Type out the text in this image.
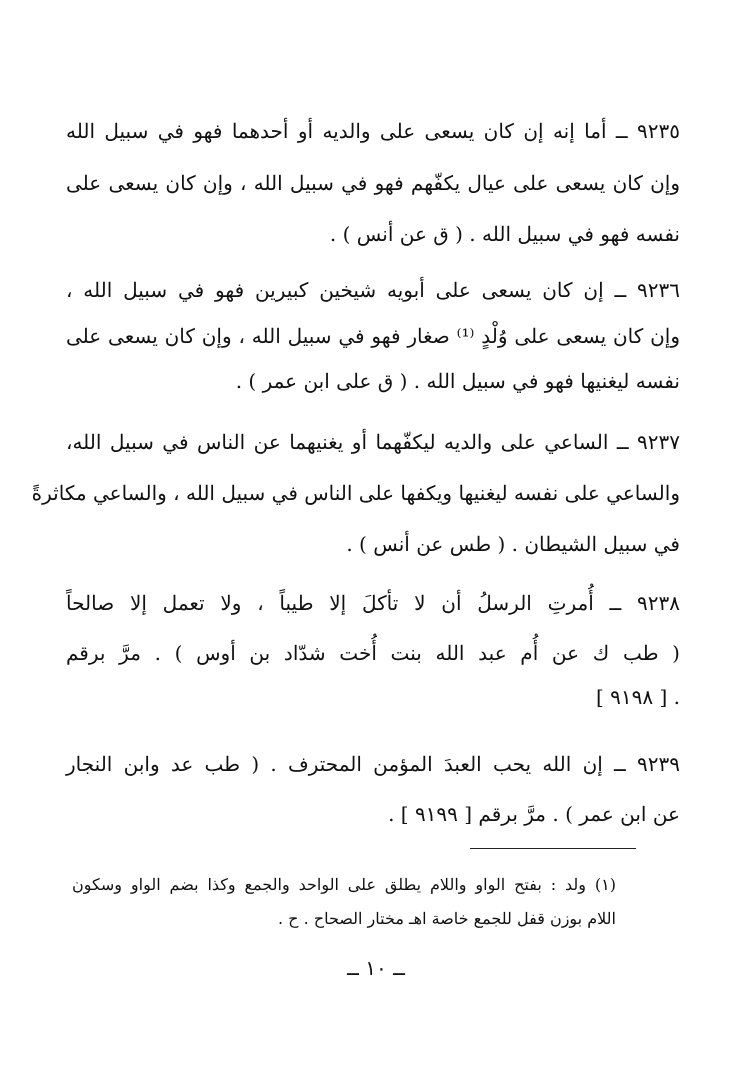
٩٢٣٥ ــ أما إنه إن كان يسعى على والديه أو أحدهما فهو في سبيل الله
وإن كان يسعى على عيال يكفّهم فهو في سبيل الله ، وإن كان يسعى على
نفسه فهو في سبيل الله . ( ق عن أنس ) .
٩٢٣٦ ــ إن كان يسعى على أبويه شيخين كبيرين فهو في سبيل الله ،
وإن كان يسعى على وُلْدٍ ⁽¹⁾ صغار فهو في سبيل الله ، وإن كان يسعى على
نفسه ليغنيها فهو في سبيل الله . ( ق على ابن عمر ) .
٩٢٣٧ ــ الساعي على والديه ليكفّهما أو يغنيهما عن الناس في سبيل الله،
والساعي على نفسه ليغنيها ويكفها على الناس في سبيل الله ، والساعي مكاثرةً
في سبيل الشيطان . ( طس عن أنس ) .
٩٢٣٨ ــ أُمرتِ الرسلُ أن لا تأكلَ إلا طيباً ، ولا تعمل إلا صالحاً
( طب ك عن أُم عبد الله بنت أُخت شدّاد بن أوس ) . مرَّ برقم
. [ ٩١٩٨ ]
٩٢٣٩ ــ إن الله يحب العبدَ المؤمن المحترف . ( طب عد وابن النجار
عن ابن عمر ) . مرَّ برقم [ ٩١٩٩ ] .
(١) ولد : بفتح الواو واللام يطلق على الواحد والجمع وكذا بضم الواو وسكون
اللام بوزن قفل للجمع خاصة اهـ مختار الصحاح . ح .
ــ ١٠ ــ
